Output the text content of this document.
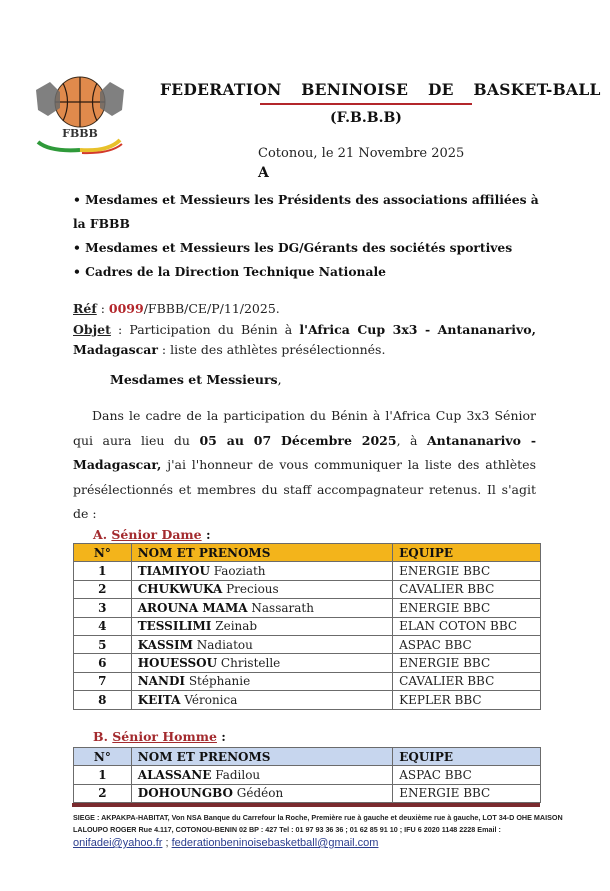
FBBB
FEDERATION BENINOISE DE BASKET-BALL
(F.B.B.B)
Cotonou, le 21 Novembre 2025
A
• Mesdames et Messieurs les Présidents des associations affiliées à
la FBBB
• Mesdames et Messieurs les DG/Gérants des sociétés sportives
• Cadres de la Direction Technique Nationale
Réf : 0099/FBBB/CE/P/11/2025.
Objet : Participation du Bénin à l'Africa Cup 3x3 - Antananarivo, Madagascar : liste des athlètes présélectionnés.
Mesdames et Messieurs,
Dans le cadre de la participation du Bénin à l'Africa Cup 3x3 Sénior qui aura lieu du 05 au 07 Décembre 2025, à Antananarivo - Madagascar, j'ai l'honneur de vous communiquer la liste des athlètes présélectionnés et membres du staff accompagnateur retenus. Il s'agit de :
A. Sénior Dame :
N°	NOM ET PRENOMS	EQUIPE
1	TIAMIYOU Faoziath	ENERGIE BBC
2	CHUKWUKA Precious	CAVALIER BBC
3	AROUNA MAMA Nassarath	ENERGIE BBC
4	TESSILIMI Zeinab	ELAN COTON BBC
5	KASSIM Nadiatou	ASPAC BBC
6	HOUESSOU Christelle	ENERGIE BBC
7	NANDI Stéphanie	CAVALIER BBC
8	KEITA Véronica	KEPLER BBC
B. Sénior Homme :
N°	NOM ET PRENOMS	EQUIPE
1	ALASSANE Fadilou	ASPAC BBC
2	DOHOUNGBO Gédéon	ENERGIE BBC
SIEGE : AKPAKPA-HABITAT, Von NSA Banque du Carrefour la Roche, Première rue à gauche et deuxième rue à gauche, LOT 34-D OHE MAISON
LALOUPO ROGER Rue 4.117, COTONOU-BENIN 02 BP : 427 Tel : 01 97 93 36 36 ; 01 62 85 91 10 ; IFU 6 2020 1148 2228 Email :
onifadei@yahoo.fr ; federationbeninoisebasketball@gmail.com
